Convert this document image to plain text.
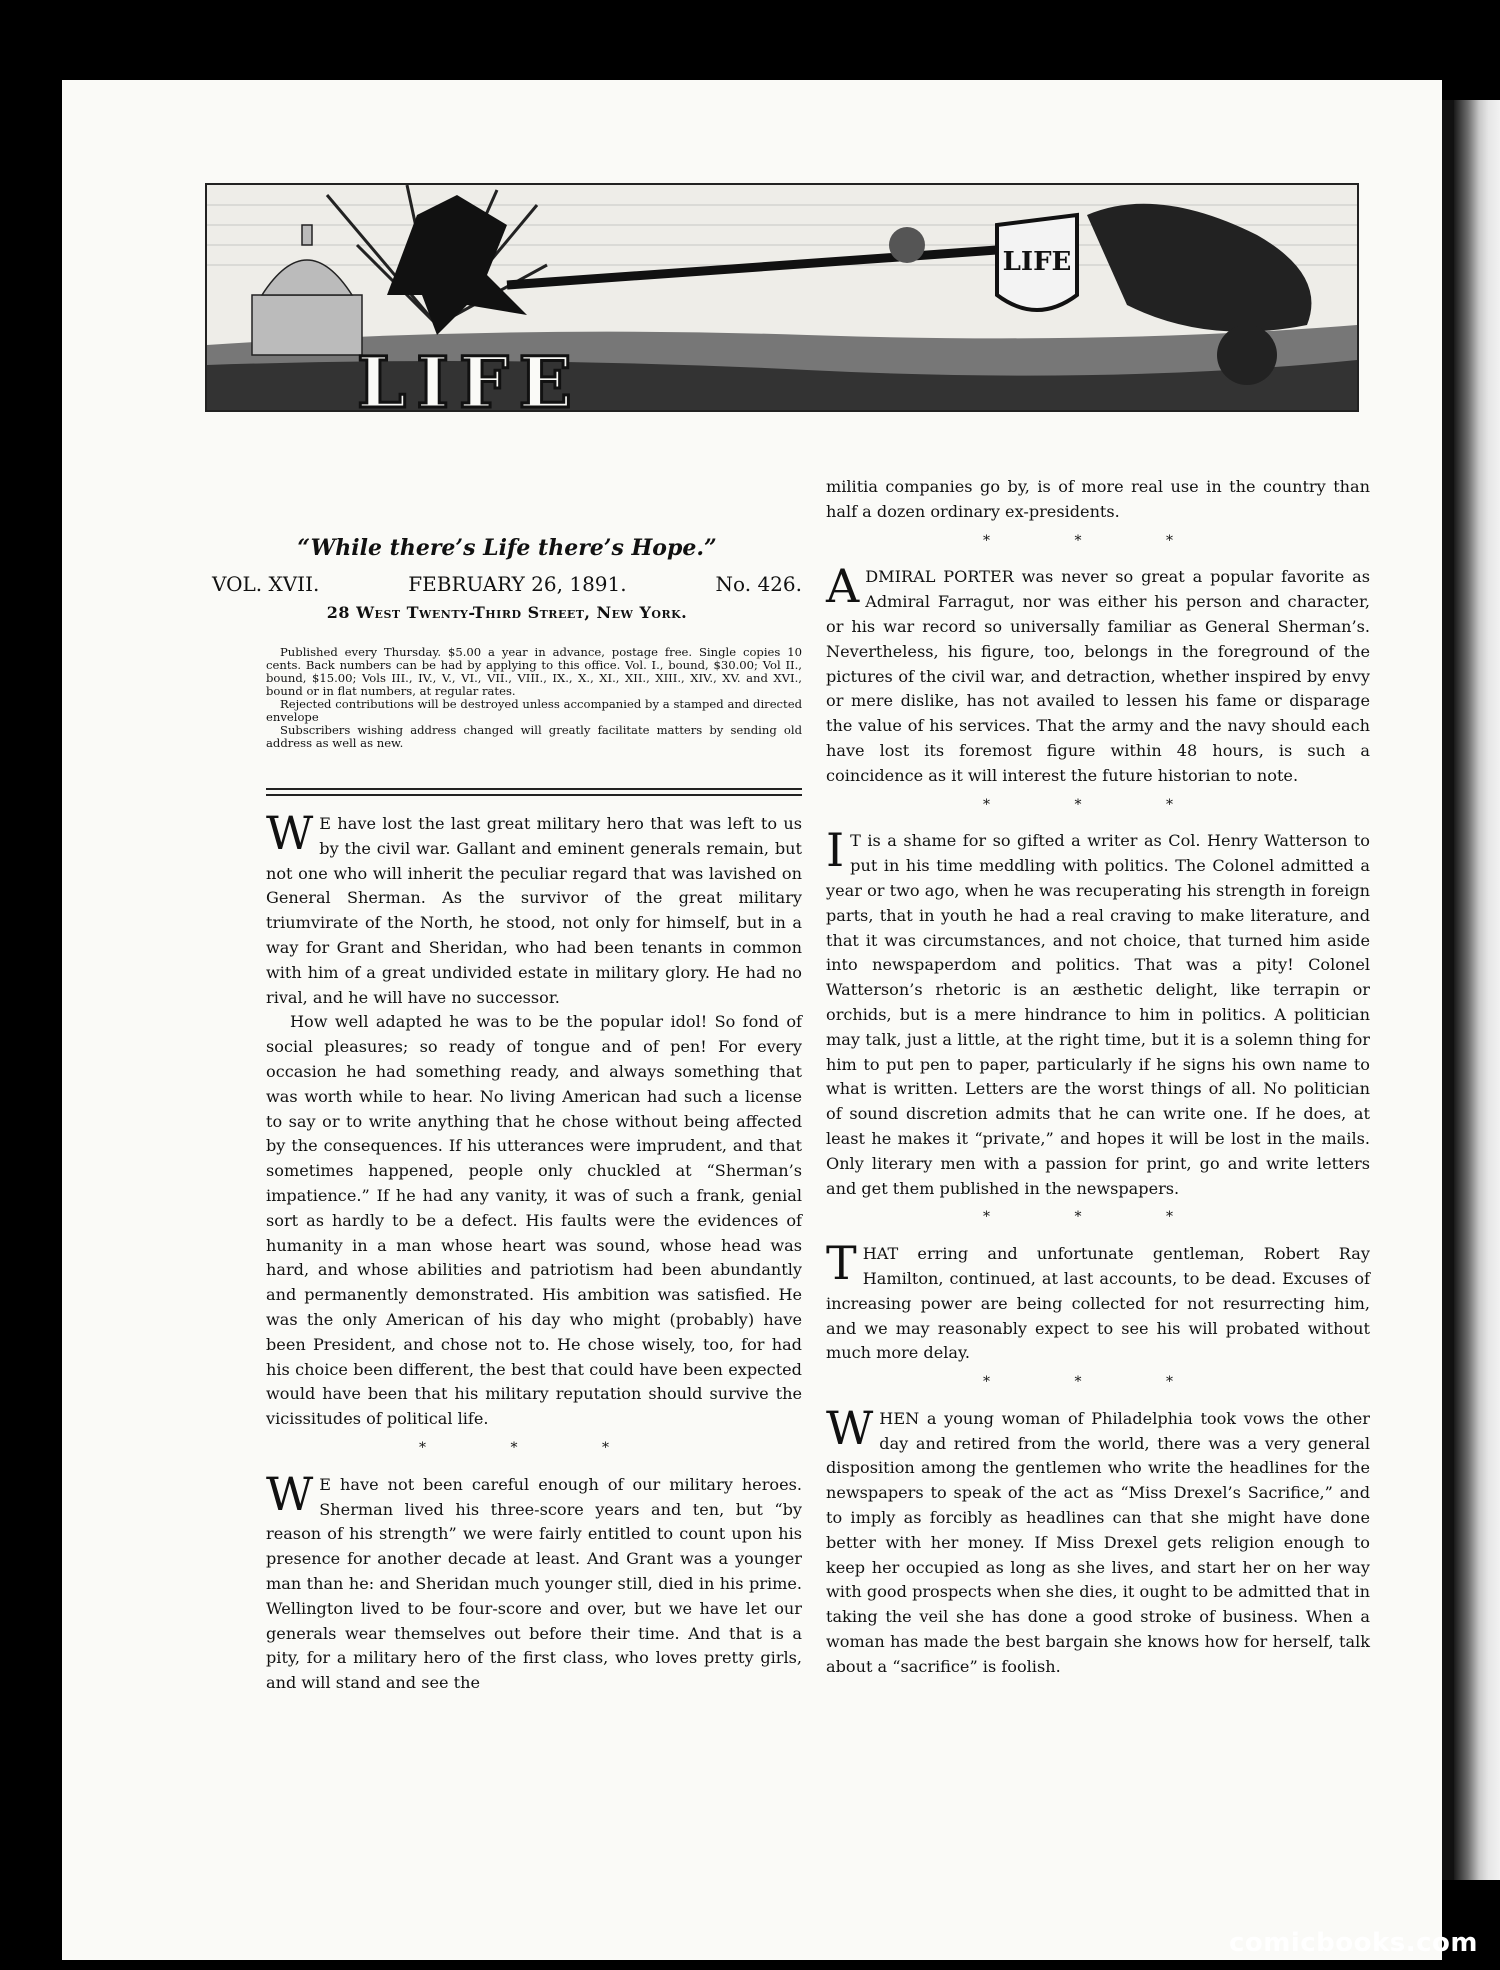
LIFE
LIFE
“While there’s Life there’s Hope.”
VOL. XVII.	FEBRUARY 26, 1891.	No. 426.
28 West Twenty-Third Street, New York.

Published every Thursday. $5.00 a year in advance, postage free. Single copies 10 cents. Back numbers can be had by applying to this office. Vol. I., bound, $30.00; Vol II., bound, $15.00; Vols III., IV., V., VI., VII., VIII., IX., X., XI., XII., XIII., XIV., XV. and XVI., bound or in flat numbers, at regular rates.

Rejected contributions will be destroyed unless accompanied by a stamped and directed envelope

Subscribers wishing address changed will greatly facilitate matters by sending old address as well as new.

W E have lost the last great military hero that was left to us by the civil war. Gallant and eminent generals remain, but not one who will inherit the peculiar regard that was lavished on General Sherman. As the survivor of the great military triumvirate of the North, he stood, not only for himself, but in a way for Grant and Sheridan, who had been tenants in common with him of a great undivided estate in military glory. He had no rival, and he will have no successor.

How well adapted he was to be the popular idol! So fond of social pleasures; so ready of tongue and of pen! For every occasion he had something ready, and always something that was worth while to hear. No living American had such a license to say or to write anything that he chose without being affected by the consequences. If his utterances were imprudent, and that sometimes happened, people only chuckled at “Sherman’s impatience.” If he had any vanity, it was of such a frank, genial sort as hardly to be a defect. His faults were the evidences of humanity in a man whose heart was sound, whose head was hard, and whose abilities and patriotism had been abundantly and permanently demonstrated. His ambition was satisfied. He was the only American of his day who might (probably) have been President, and chose not to. He chose wisely, too, for had his choice been different, the best that could have been expected would have been that his military reputation should survive the vicissitudes of political life.

* * *

W E have not been careful enough of our military heroes. Sherman lived his three-score years and ten, but “by reason of his strength” we were fairly entitled to count upon his presence for another decade at least. And Grant was a younger man than he: and Sheridan much younger still, died in his prime. Wellington lived to be four-score and over, but we have let our generals wear themselves out before their time. And that is a pity, for a military hero of the first class, who loves pretty girls, and will stand and see the

militia companies go by, is of more real use in the country than half a dozen ordinary ex-presidents.

* * *

ADMIRAL PORTER was never so great a popular favorite as Admiral Farragut, nor was either his person and character, or his war record so universally familiar as General Sherman’s. Nevertheless, his figure, too, belongs in the foreground of the pictures of the civil war, and detraction, whether inspired by envy or mere dislike, has not availed to lessen his fame or disparage the value of his services. That the army and the navy should each have lost its foremost figure within 48 hours, is such a coincidence as it will interest the future historian to note.

* * *

I T is a shame for so gifted a writer as Col. Henry Watterson to put in his time meddling with politics. The Colonel admitted a year or two ago, when he was recuperating his strength in foreign parts, that in youth he had a real craving to make literature, and that it was circumstances, and not choice, that turned him aside into newspaperdom and politics. That was a pity! Colonel Watterson’s rhetoric is an æsthetic delight, like terrapin or orchids, but is a mere hindrance to him in politics. A politician may talk, just a little, at the right time, but it is a solemn thing for him to put pen to paper, particularly if he signs his own name to what is written. Letters are the worst things of all. No politician of sound discretion admits that he can write one. If he does, at least he makes it “private,” and hopes it will be lost in the mails. Only literary men with a passion for print, go and write letters and get them published in the newspapers.

* * *

THAT erring and unfortunate gentleman, Robert Ray Hamilton, continued, at last accounts, to be dead. Excuses of increasing power are being collected for not resurrecting him, and we may reasonably expect to see his will probated without much more delay.

* * *

WHEN a young woman of Philadelphia took vows the other day and retired from the world, there was a very general disposition among the gentlemen who write the headlines for the newspapers to speak of the act as “Miss Drexel’s Sacrifice,” and to imply as forcibly as headlines can that she might have done better with her money. If Miss Drexel gets religion enough to keep her occupied as long as she lives, and start her on her way with good prospects when she dies, it ought to be admitted that in taking the veil she has done a good stroke of business. When a woman has made the best bargain she knows how for herself, talk about a “sacrifice” is foolish.

comicbooks.com
